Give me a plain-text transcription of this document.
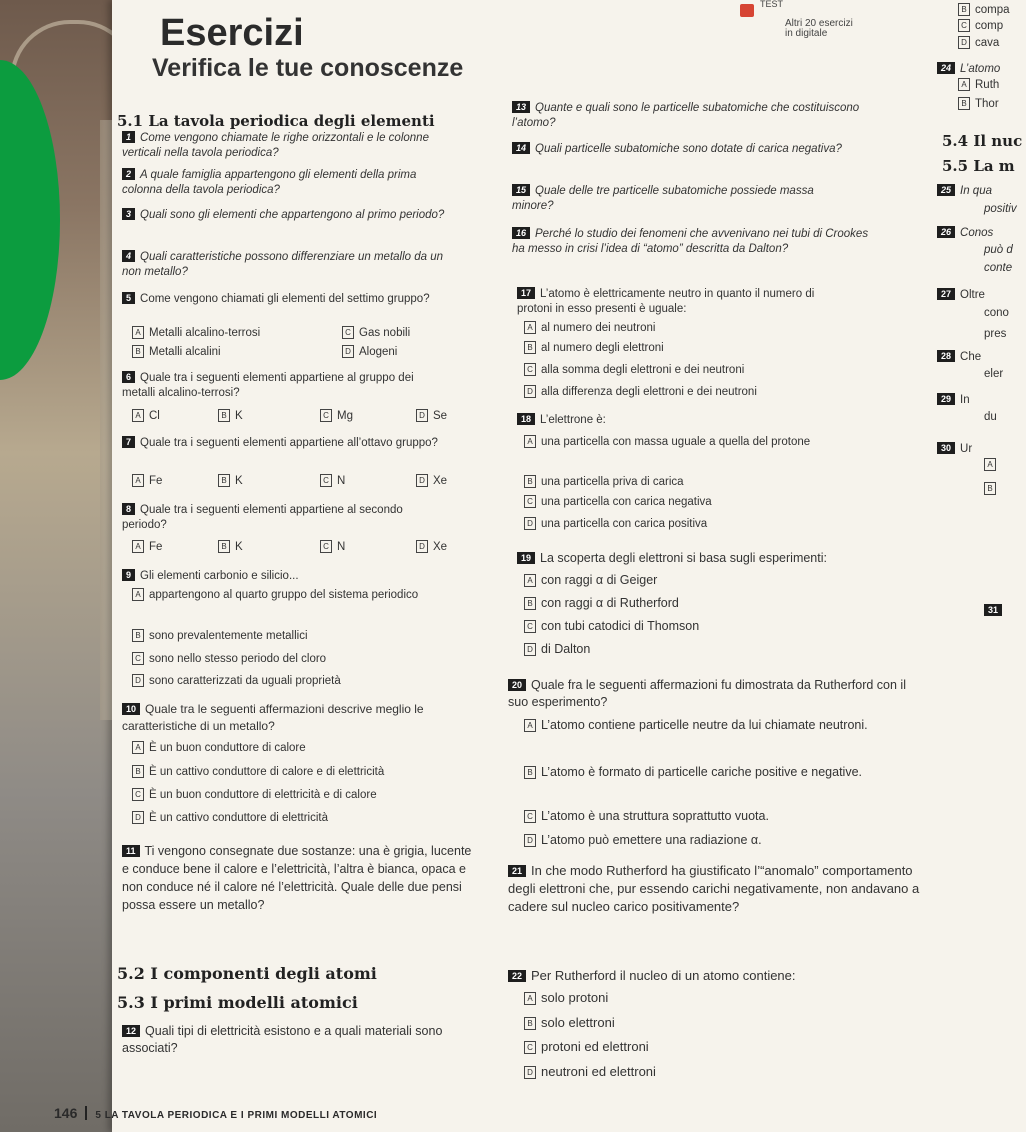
Esercizi
TEST
Altri 20 esercizi
in digitale
Verifica le tue conoscenze
5.1 La tavola periodica degli elementi
1 Come vengono chiamate le righe orizzontali e le colonne verticali nella tavola periodica?
2 A quale famiglia appartengono gli elementi della prima colonna della tavola periodica?
3 Quali sono gli elementi che appartengono al primo periodo?
4 Quali caratteristiche possono differenziare un metallo da un non metallo?
5 Come vengono chiamati gli elementi del settimo gruppo?
A Metalli alcalino-terrosi	C Gas nobili
B Metalli alcalini	D Alogeni
6 Quale tra i seguenti elementi appartiene al gruppo dei metalli alcalino-terrosi?
A Cl	B K	C Mg	D Se
7 Quale tra i seguenti elementi appartiene all’ottavo gruppo?
A Fe	B K	C N	D Xe
8 Quale tra i seguenti elementi appartiene al secondo periodo?
A Fe	B K	C N	D Xe
9 Gli elementi carbonio e silicio...
A appartengono al quarto gruppo del sistema periodico
B sono prevalentemente metallici
C sono nello stesso periodo del cloro
D sono caratterizzati da uguali proprietà
10 Quale tra le seguenti affermazioni descrive meglio le caratteristiche di un metallo?
A È un buon conduttore di calore
B È un cattivo conduttore di calore e di elettricità
C È un buon conduttore di elettricità e di calore
D È un cattivo conduttore di elettricità
11 Ti vengono consegnate due sostanze: una è grigia, lucente e conduce bene il calore e l’elettricità, l’altra è bianca, opaca e non conduce né il calore né l’elettricità. Quale delle due pensi possa essere un metallo?
5.2 I componenti degli atomi
5.3 I primi modelli atomici
12 Quali tipi di elettricità esistono e a quali materiali sono associati?
13 Quante e quali sono le particelle subatomiche che costituiscono l’atomo?
14 Quali particelle subatomiche sono dotate di carica negativa?
15 Quale delle tre particelle subatomiche possiede massa minore?
16 Perché lo studio dei fenomeni che avvenivano nei tubi di Crookes ha messo in crisi l’idea di “atomo” descritta da Dalton?
17 L’atomo è elettricamente neutro in quanto il numero di protoni in esso presenti è uguale:
A al numero dei neutroni
B al numero degli elettroni
C alla somma degli elettroni e dei neutroni
D alla differenza degli elettroni e dei neutroni
18 L’elettrone è:
A una particella con massa uguale a quella del protone
B una particella priva di carica
C una particella con carica negativa
D una particella con carica positiva
19 La scoperta degli elettroni si basa sugli esperimenti:
A con raggi α di Geiger
B con raggi α di Rutherford
C con tubi catodici di Thomson
D di Dalton
20 Quale fra le seguenti affermazioni fu dimostrata da Rutherford con il suo esperimento?
A L’atomo contiene particelle neutre da lui chiamate neutroni.
B L’atomo è formato di particelle cariche positive e negative.
C L’atomo è una struttura soprattutto vuota.
D L’atomo può emettere una radiazione α.
21 In che modo Rutherford ha giustificato l’“anomalo” comportamento degli elettroni che, pur essendo carichi negativamente, non andavano a cadere sul nucleo carico positivamente?
22 Per Rutherford il nucleo di un atomo contiene:
A solo protoni
B solo elettroni
C protoni ed elettroni
D neutroni ed elettroni
B compa
C comp
D cava
24 L’atomo
A Ruth
B Thor
5.4 Il nuc
5.5 La m
25 In qua
positiv
26 Conos
può d
conte
27 Oltre
cono
pres
28 Che
eler
29 In
du
30 Ur
A
B
31
146 5 LA TAVOLA PERIODICA E I PRIMI MODELLI ATOMICI
